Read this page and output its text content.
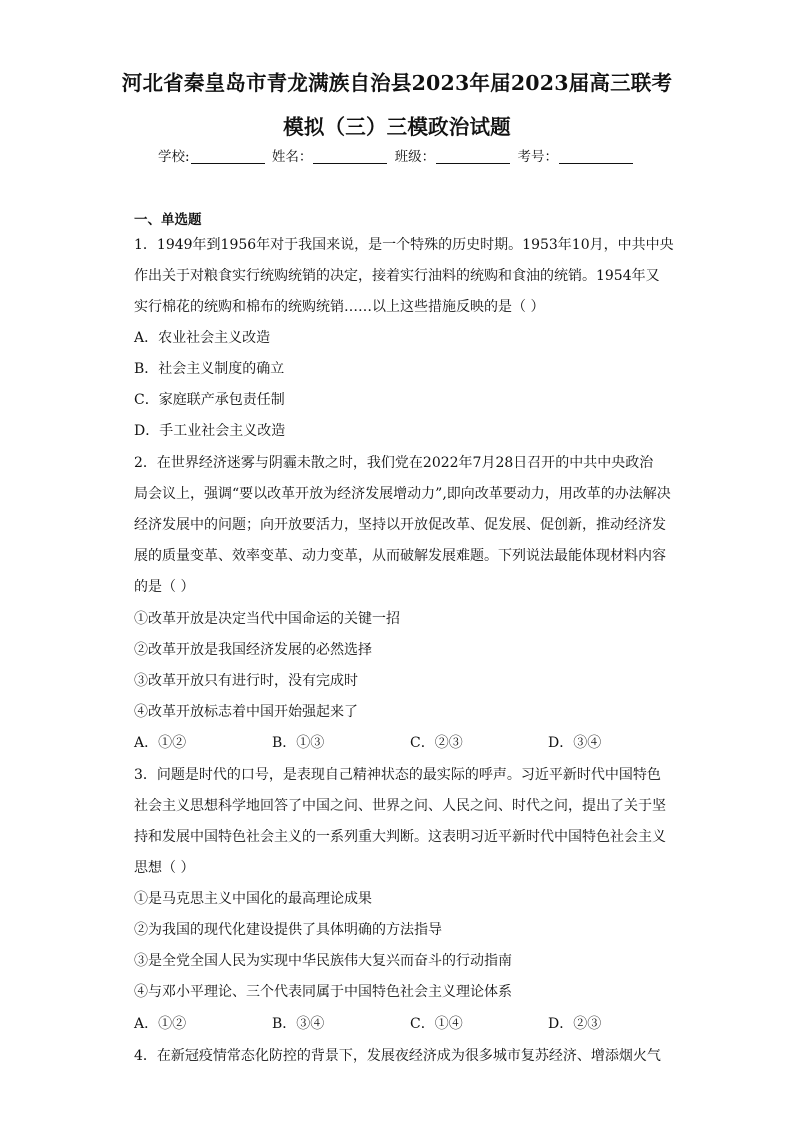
河北省秦皇岛市青龙满族自治县2023年届2023届高三联考
模拟（三）三模政治试题
学校:	姓名：	班级：	考号：
一、单选题
1．1949年到1956年对于我国来说，是一个特殊的历史时期。1953年10月，中共中央
作出关于对粮食实行统购统销的决定，接着实行油料的统购和食油的统销。1954年又
实行棉花的统购和棉布的统购统销……以上这些措施反映的是（ ）
A．农业社会主义改造
B．社会主义制度的确立
C．家庭联产承包责任制
D．手工业社会主义改造
2．在世界经济迷雾与阴霾未散之时，我们党在2022年7月28日召开的中共中央政治
局会议上，强调“要以改革开放为经济发展增动力”,即向改革要动力，用改革的办法解决
经济发展中的问题；向开放要活力，坚持以开放促改革、促发展、促创新，推动经济发
展的质量变革、效率变革、动力变革，从而破解发展难题。下列说法最能体现材料内容
的是（ ）
①改革开放是决定当代中国命运的关键一招
②改革开放是我国经济发展的必然选择
③改革开放只有进行时，没有完成时
④改革开放标志着中国开始强起来了
A．①②	B．①③	C．②③	D．③④
3．问题是时代的口号，是表现自己精神状态的最实际的呼声。习近平新时代中国特色
社会主义思想科学地回答了中国之问、世界之问、人民之问、时代之问，提出了关于坚
持和发展中国特色社会主义的一系列重大判断。这表明习近平新时代中国特色社会主义
思想（ ）
①是马克思主义中国化的最高理论成果
②为我国的现代化建设提供了具体明确的方法指导
③是全党全国人民为实现中华民族伟大复兴而奋斗的行动指南
④与邓小平理论、三个代表同属于中国特色社会主义理论体系
A．①②	B．③④	C．①④	D．②③
4．在新冠疫情常态化防控的背景下，发展夜经济成为很多城市复苏经济、增添烟火气
